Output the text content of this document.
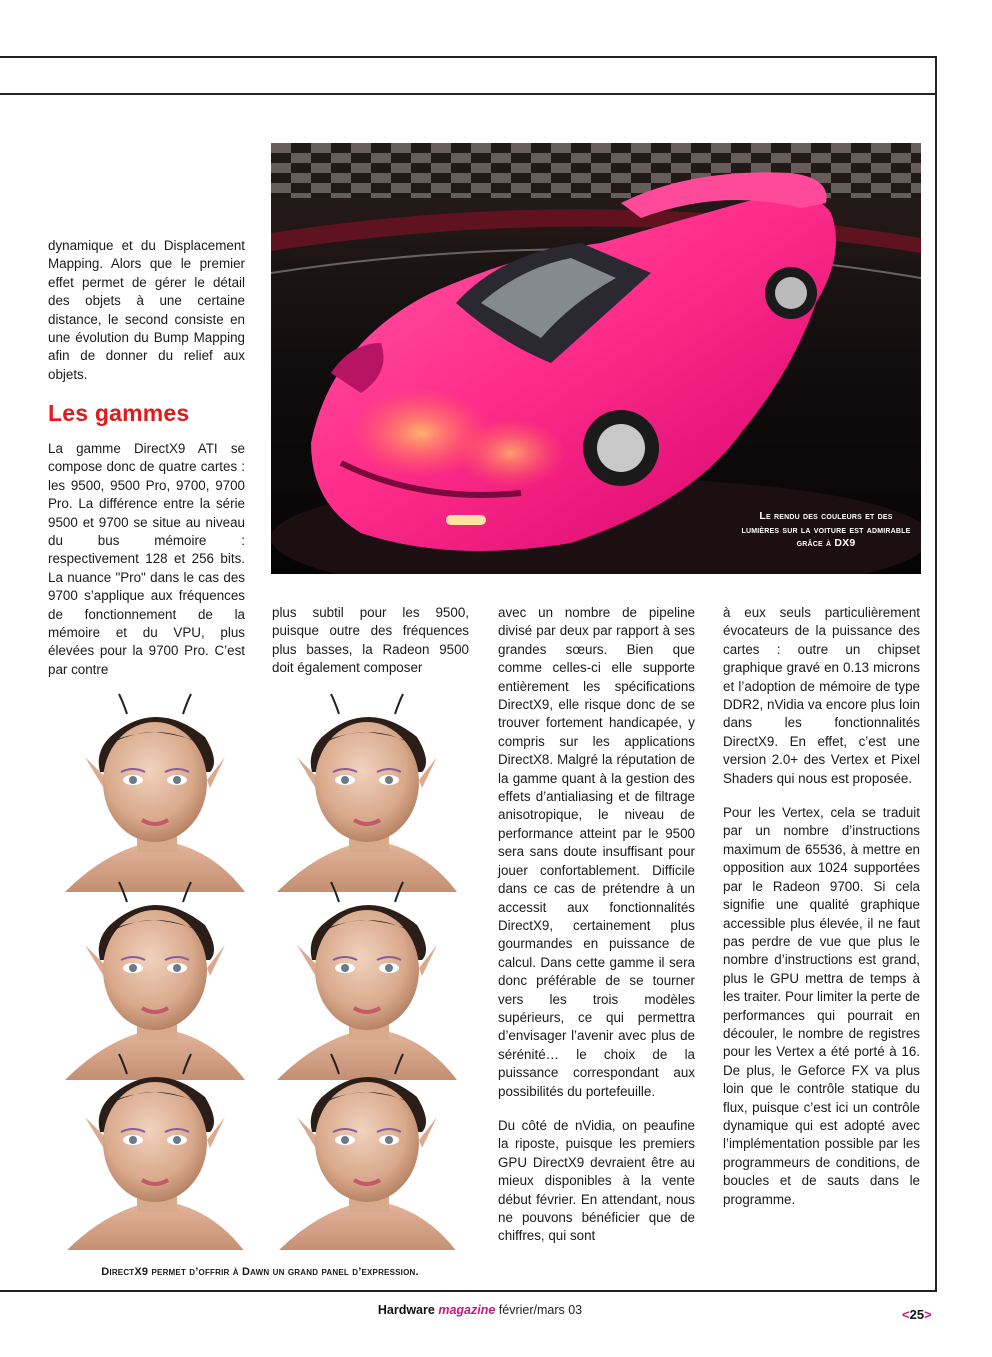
dynamique et du Displacement Mapping. Alors que le premier effet permet de gérer le détail des objets à une certaine distance, le second consiste en une évolution du Bump Mapping afin de donner du relief aux objets.

Les gammes

La gamme DirectX9 ATI se compose donc de quatre cartes : les 9500, 9500 Pro, 9700, 9700 Pro. La différence entre la série 9500 et 9700 se situe au niveau du bus mémoire : respectivement 128 et 256 bits. La nuance "Pro" dans le cas des 9700 s’applique aux fréquences de fonctionnement de la mémoire et du VPU, plus élevées pour la 9700 Pro. C’est par contre

Le rendu des couleurs et des lumières sur la voiture est admirable grâce à DX9

plus subtil pour les 9500, puisque outre des fréquences plus basses, la Radeon 9500 doit également composer

avec un nombre de pipeline divisé par deux par rapport à ses grandes sœurs. Bien que comme celles-ci elle supporte entièrement les spécifications DirectX9, elle risque donc de se trouver fortement handicapée, y compris sur les applications DirectX8. Malgré la réputation de la gamme quant à la gestion des effets d’antialiasing et de filtrage anisotropique, le niveau de performance atteint par le 9500 sera sans doute insuffisant pour jouer confortablement. Difficile dans ce cas de prétendre à un accessit aux fonctionnalités DirectX9, certainement plus gourmandes en puissance de calcul. Dans cette gamme il sera donc préférable de se tourner vers les trois modèles supérieurs, ce qui permettra d’envisager l’avenir avec plus de sérénité… le choix de la puissance correspondant aux possibilités du portefeuille.

Du côté de nVidia, on peaufine la riposte, puisque les premiers GPU DirectX9 devraient être au mieux disponibles à la vente début février. En attendant, nous ne pouvons bénéficier que de chiffres, qui sont

à eux seuls particulièrement évocateurs de la puissance des cartes : outre un chipset graphique gravé en 0.13 microns et l’adoption de mémoire de type DDR2, nVidia va encore plus loin dans les fonctionnalités DirectX9. En effet, c’est une version 2.0+ des Vertex et Pixel Shaders qui nous est proposée.

Pour les Vertex, cela se traduit par un nombre d’instructions maximum de 65536, à mettre en opposition aux 1024 supportées par le Radeon 9700. Si cela signifie une qualité graphique accessible plus élevée, il ne faut pas perdre de vue que plus le nombre d’instructions est grand, plus le GPU mettra de temps à les traiter. Pour limiter la perte de performances qui pourrait en découler, le nombre de registres pour les Vertex a été porté à 16. De plus, le Geforce FX va plus loin que le contrôle statique du flux, puisque c’est ici un contrôle dynamique qui est adopté avec l’implémentation possible par les programmeurs de conditions, de boucles et de sauts dans le programme.

DirectX9 permet d’offrir à Dawn un grand panel d’expression.
Hardware magazine février/mars 03	<25>
